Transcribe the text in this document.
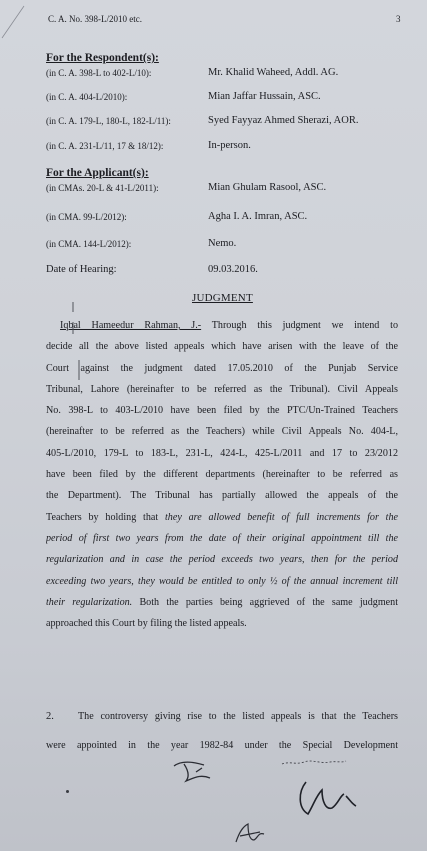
C. A. No. 398-L/2010 etc.	3
For the Respondent(s):
(in C. A. 398-L to 402-L/10):	Mr. Khalid Waheed, Addl. AG.
(in C. A. 404-L/2010):	Mian Jaffar Hussain, ASC.
(in C. A. 179-L, 180-L, 182-L/11):	Syed Fayyaz Ahmed Sherazi, AOR.
(in C. A. 231-L/11, 17 & 18/12):	In-person.
For the Applicant(s):
(in CMAs. 20-L & 41-L/2011):	Mian Ghulam Rasool, ASC.
(in CMA. 99-L/2012):	Agha I. A. Imran, ASC.
(in CMA. 144-L/2012):	Nemo.
Date of Hearing:	09.03.2016.
JUDGMENT
Iqbal Hameedur Rahman, J.- Through this judgment we intend to
decide all the above listed appeals which have arisen with the leave of the
Court against the judgment dated 17.05.2010 of the Punjab Service
Tribunal, Lahore (hereinafter to be referred as the Tribunal). Civil Appeals
No. 398-L to 403-L/2010 have been filed by the PTC/Un-Trained Teachers
(hereinafter to be referred as the Teachers) while Civil Appeals No. 404-L,
405-L/2010, 179-L to 183-L, 231-L, 424-L, 425-L/2011 and 17 to 23/2012
have been filed by the different departments (hereinafter to be referred as
the Department). The Tribunal has partially allowed the appeals of the
Teachers by holding that they are allowed benefit of full increments for the
period of first two years from the date of their original appointment till the
regularization and in case the period exceeds two years, then for the period
exceeding two years, they would be entitled to only ½ of the annual increment till
their regularization. Both the parties being aggrieved of the same judgment
approached this Court by filing the listed appeals.
2. The controversy giving rise to the listed appeals is that the Teachers
were appointed in the year 1982-84 under the Special Development
